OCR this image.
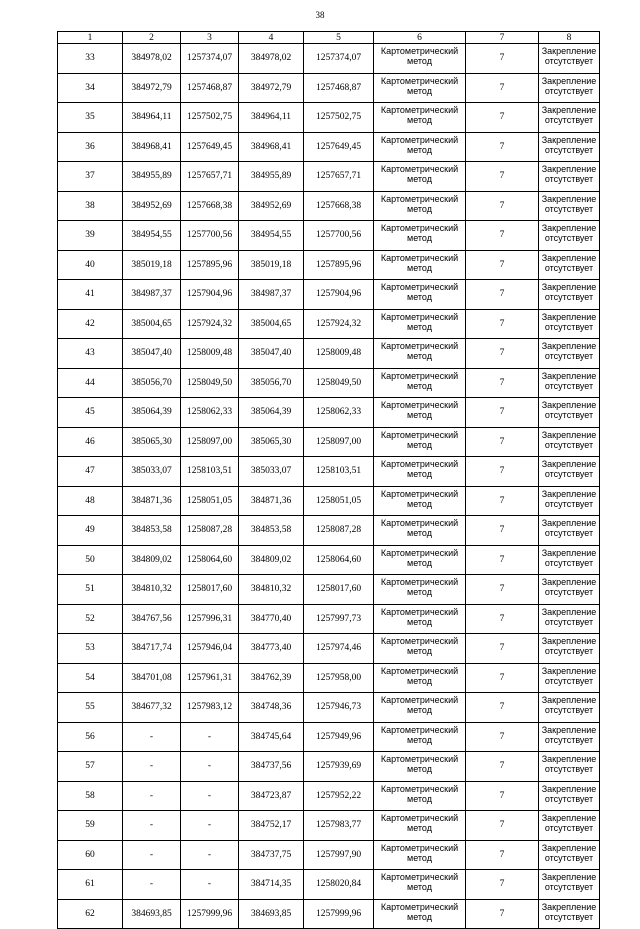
38
1	2	3	4	5	6	7	8
33	384978,02	1257374,07	384978,02	1257374,07	Картометрический метод	7	Закрепление отсутствует
34	384972,79	1257468,87	384972,79	1257468,87	Картометрический метод	7	Закрепление отсутствует
35	384964,11	1257502,75	384964,11	1257502,75	Картометрический метод	7	Закрепление отсутствует
36	384968,41	1257649,45	384968,41	1257649,45	Картометрический метод	7	Закрепление отсутствует
37	384955,89	1257657,71	384955,89	1257657,71	Картометрический метод	7	Закрепление отсутствует
38	384952,69	1257668,38	384952,69	1257668,38	Картометрический метод	7	Закрепление отсутствует
39	384954,55	1257700,56	384954,55	1257700,56	Картометрический метод	7	Закрепление отсутствует
40	385019,18	1257895,96	385019,18	1257895,96	Картометрический метод	7	Закрепление отсутствует
41	384987,37	1257904,96	384987,37	1257904,96	Картометрический метод	7	Закрепление отсутствует
42	385004,65	1257924,32	385004,65	1257924,32	Картометрический метод	7	Закрепление отсутствует
43	385047,40	1258009,48	385047,40	1258009,48	Картометрический метод	7	Закрепление отсутствует
44	385056,70	1258049,50	385056,70	1258049,50	Картометрический метод	7	Закрепление отсутствует
45	385064,39	1258062,33	385064,39	1258062,33	Картометрический метод	7	Закрепление отсутствует
46	385065,30	1258097,00	385065,30	1258097,00	Картометрический метод	7	Закрепление отсутствует
47	385033,07	1258103,51	385033,07	1258103,51	Картометрический метод	7	Закрепление отсутствует
48	384871,36	1258051,05	384871,36	1258051,05	Картометрический метод	7	Закрепление отсутствует
49	384853,58	1258087,28	384853,58	1258087,28	Картометрический метод	7	Закрепление отсутствует
50	384809,02	1258064,60	384809,02	1258064,60	Картометрический метод	7	Закрепление отсутствует
51	384810,32	1258017,60	384810,32	1258017,60	Картометрический метод	7	Закрепление отсутствует
52	384767,56	1257996,31	384770,40	1257997,73	Картометрический метод	7	Закрепление отсутствует
53	384717,74	1257946,04	384773,40	1257974,46	Картометрический метод	7	Закрепление отсутствует
54	384701,08	1257961,31	384762,39	1257958,00	Картометрический метод	7	Закрепление отсутствует
55	384677,32	1257983,12	384748,36	1257946,73	Картометрический метод	7	Закрепление отсутствует
56	-	-	384745,64	1257949,96	Картометрический метод	7	Закрепление отсутствует
57	-	-	384737,56	1257939,69	Картометрический метод	7	Закрепление отсутствует
58	-	-	384723,87	1257952,22	Картометрический метод	7	Закрепление отсутствует
59	-	-	384752,17	1257983,77	Картометрический метод	7	Закрепление отсутствует
60	-	-	384737,75	1257997,90	Картометрический метод	7	Закрепление отсутствует
61	-	-	384714,35	1258020,84	Картометрический метод	7	Закрепление отсутствует
62	384693,85	1257999,96	384693,85	1257999,96	Картометрический метод	7	Закрепление отсутствует
